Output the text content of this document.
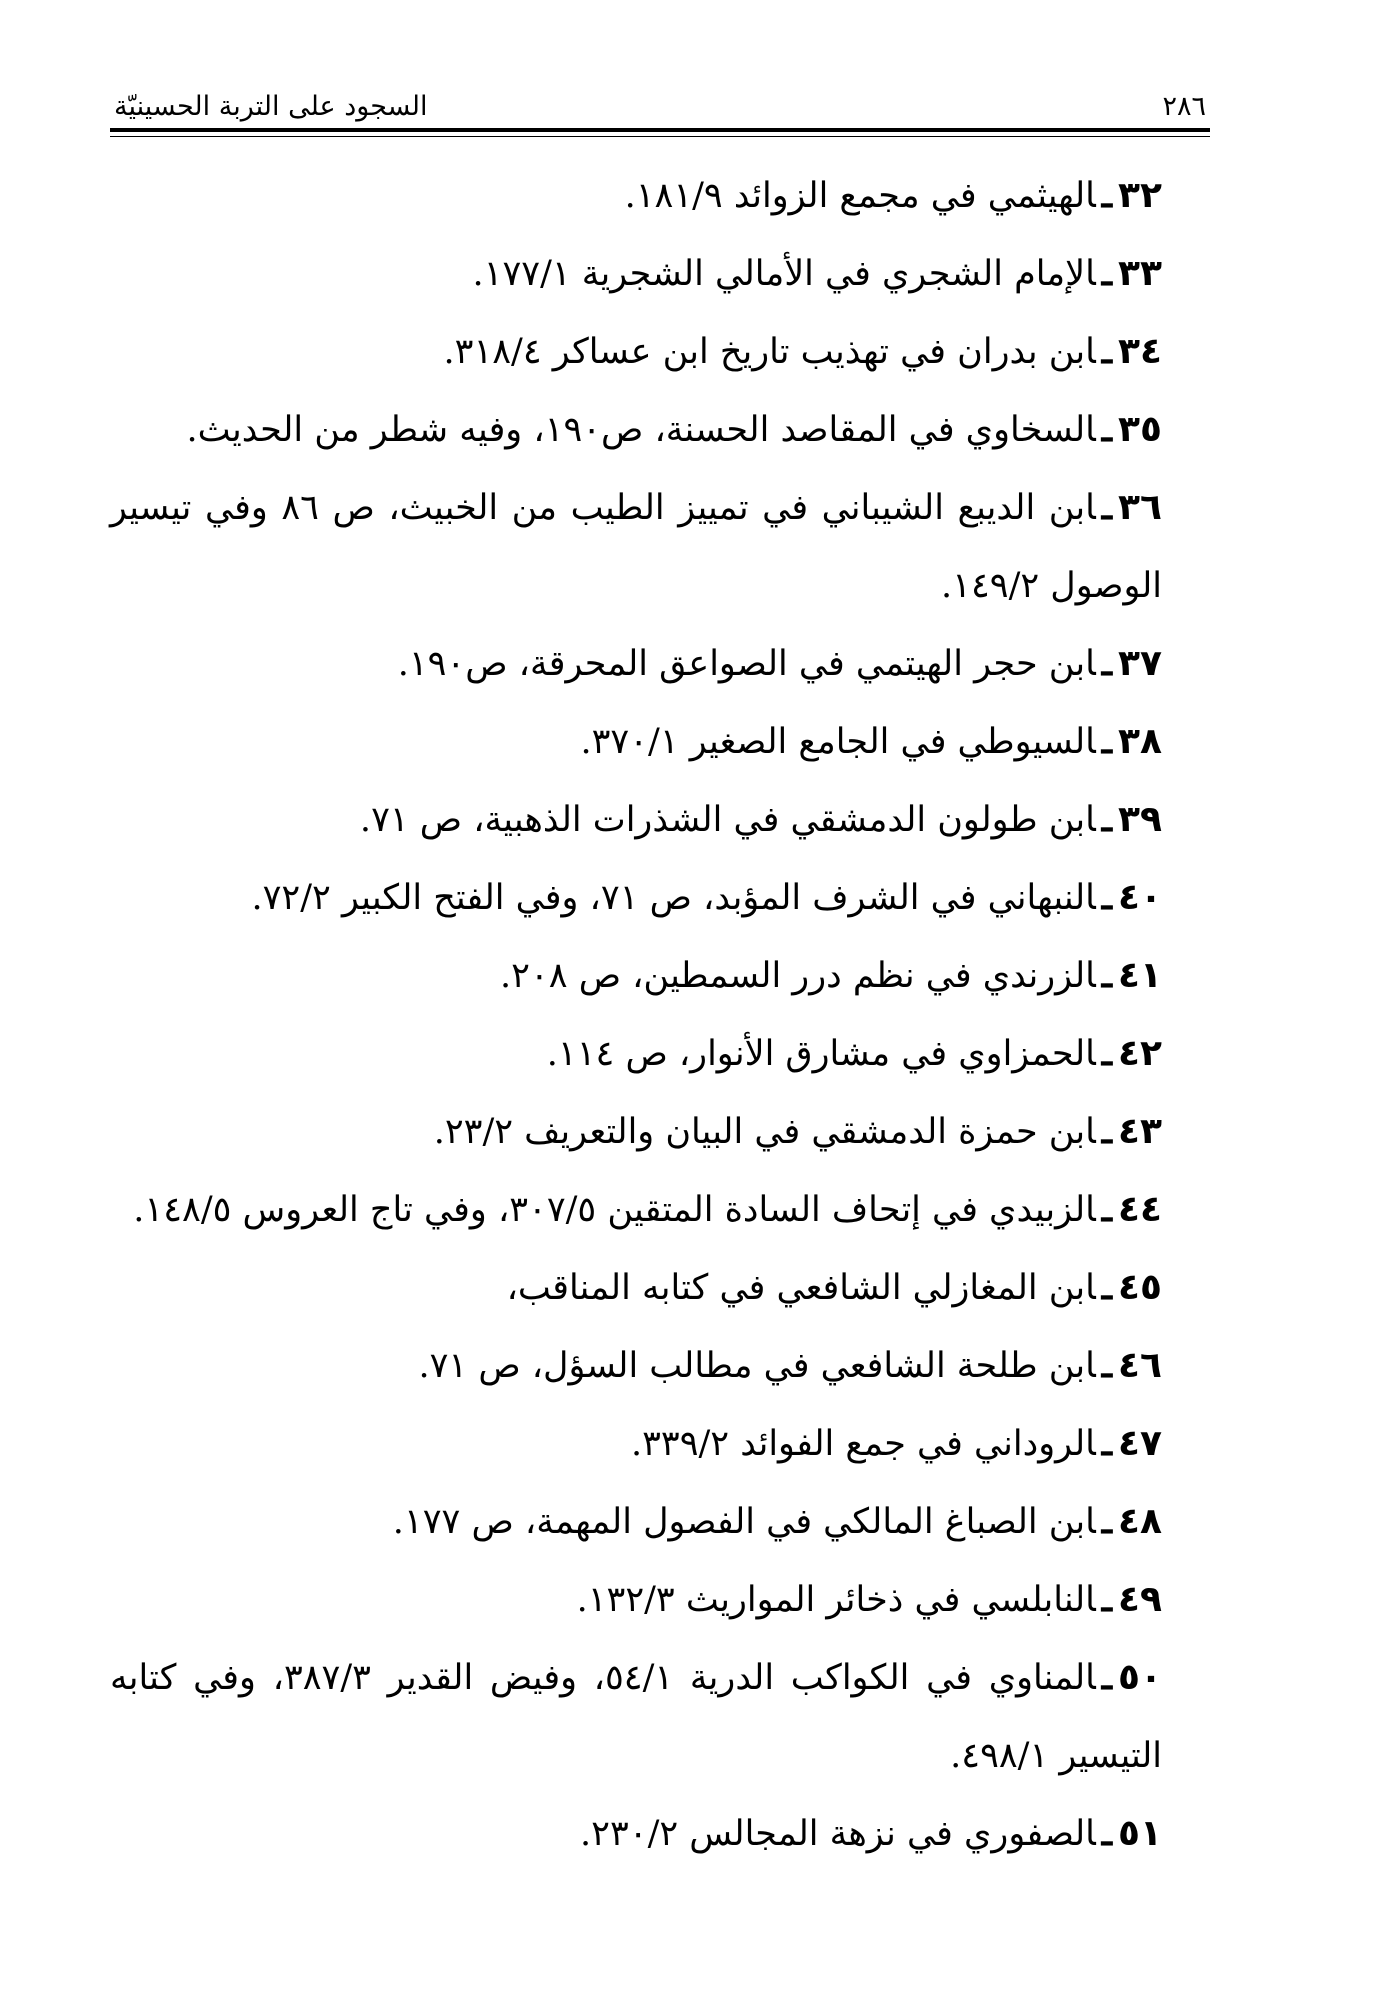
٢٨٦
السجود على التربة الحسينيّة
٣٢ـالهيثمي في مجمع الزوائد ١٨١/٩.
٣٣ـالإمام الشجري في الأمالي الشجرية ١٧٧/١.
٣٤ـابن بدران في تهذيب تاريخ ابن عساكر ٣١٨/٤.
٣٥ـالسخاوي في المقاصد الحسنة، ص١٩٠، وفيه شطر من الحديث.
٣٦ـابن الديبع الشيباني في تمييز الطيب من الخبيث، ص ٨٦ وفي تيسير الوصول ١٤٩/٢.
٣٧ـابن حجر الهيتمي في الصواعق المحرقة، ص١٩٠.
٣٨ـالسيوطي في الجامع الصغير ٣٧٠/١.
٣٩ـابن طولون الدمشقي في الشذرات الذهبية، ص ٧١.
٤٠ـالنبهاني في الشرف المؤبد، ص ٧١، وفي الفتح الكبير ٧٢/٢.
٤١ـالزرندي في نظم درر السمطين، ص ٢٠٨.
٤٢ـالحمزاوي في مشارق الأنوار، ص ١١٤.
٤٣ـابن حمزة الدمشقي في البيان والتعريف ٢٣/٢.
٤٤ـالزبيدي في إتحاف السادة المتقين ٣٠٧/٥، وفي تاج العروس ١٤٨/٥.
٤٥ـابن المغازلي الشافعي في كتابه المناقب،
٤٦ـابن طلحة الشافعي في مطالب السؤل، ص ٧١.
٤٧ـالروداني في جمع الفوائد ٣٣٩/٢.
٤٨ـابن الصباغ المالكي في الفصول المهمة، ص ١٧٧.
٤٩ـالنابلسي في ذخائر المواريث ١٣٢/٣.
٥٠ـالمناوي في الكواكب الدرية ٥٤/١، وفيض القدير ٣٨٧/٣، وفي كتابه التيسير ٤٩٨/١.
٥١ـالصفوري في نزهة المجالس ٢٣٠/٢.
